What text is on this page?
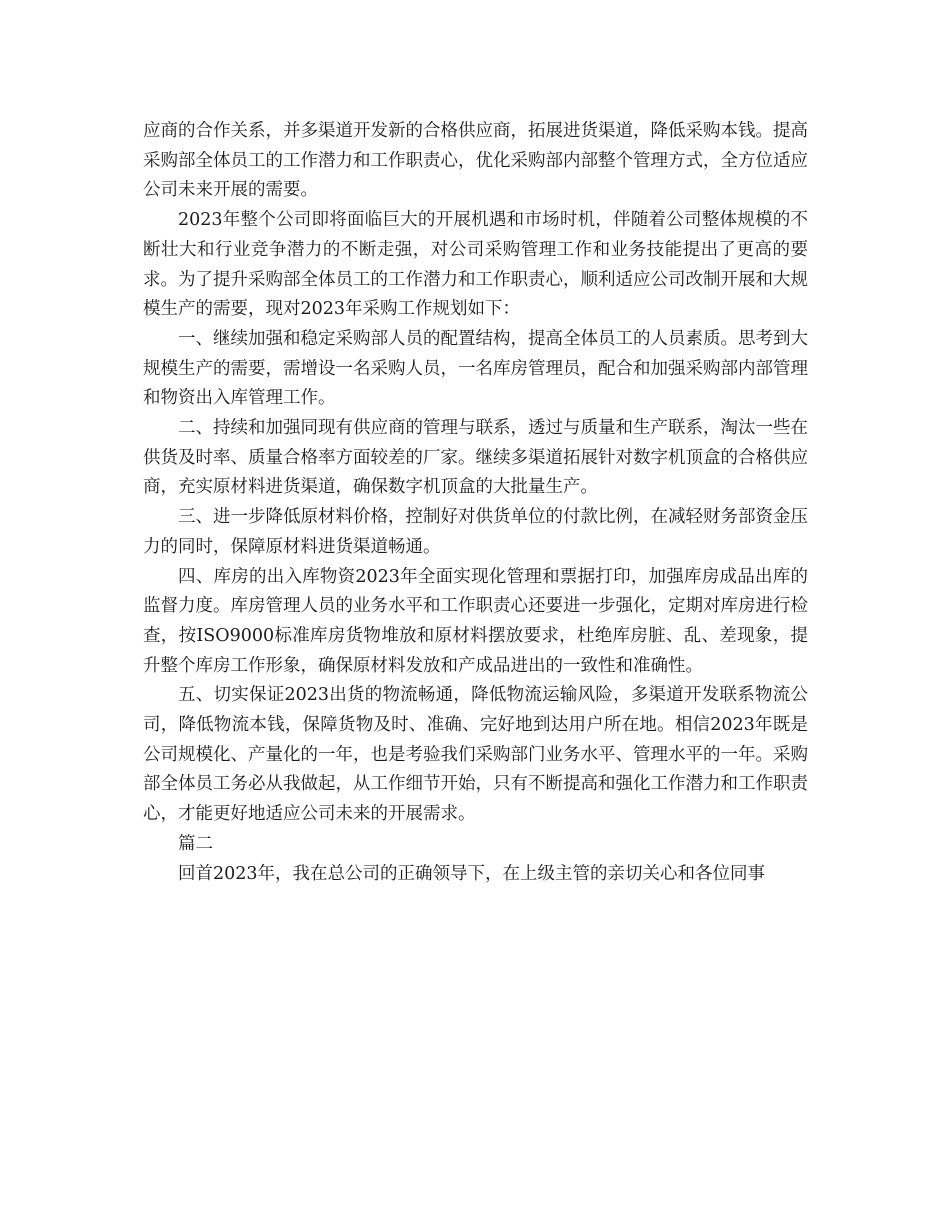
应商的合作关系，并多渠道开发新的合格供应商，拓展进货渠道，降低采购本钱。提高采购部全体员工的工作潜力和工作职责心，优化采购部内部整个管理方式，全方位适应公司未来开展的需要。

2023年整个公司即将面临巨大的开展机遇和市场时机，伴随着公司整体规模的不断壮大和行业竞争潜力的不断走强，对公司采购管理工作和业务技能提出了更高的要求。为了提升采购部全体员工的工作潜力和工作职责心，顺利适应公司改制开展和大规模生产的需要，现对2023年采购工作规划如下：

一、继续加强和稳定采购部人员的配置结构，提高全体员工的人员素质。思考到大规模生产的需要，需增设一名采购人员，一名库房管理员，配合和加强采购部内部管理和物资出入库管理工作。

二、持续和加强同现有供应商的管理与联系，透过与质量和生产联系，淘汰一些在供货及时率、质量合格率方面较差的厂家。继续多渠道拓展针对数字机顶盒的合格供应商，充实原材料进货渠道，确保数字机顶盒的大批量生产。

三、进一步降低原材料价格，控制好对供货单位的付款比例，在减轻财务部资金压力的同时，保障原材料进货渠道畅通。

四、库房的出入库物资2023年全面实现化管理和票据打印，加强库房成品出库的监督力度。库房管理人员的业务水平和工作职责心还要进一步强化，定期对库房进行检查，按ISO9000标准库房货物堆放和原材料摆放要求，杜绝库房脏、乱、差现象，提升整个库房工作形象，确保原材料发放和产成品进出的一致性和准确性。

五、切实保证2023出货的物流畅通，降低物流运输风险，多渠道开发联系物流公司，降低物流本钱，保障货物及时、准确、完好地到达用户所在地。相信2023年既是公司规模化、产量化的一年，也是考验我们采购部门业务水平、管理水平的一年。采购部全体员工务必从我做起，从工作细节开始，只有不断提高和强化工作潜力和工作职责心，才能更好地适应公司未来的开展需求。

篇二

回首2023年，我在总公司的正确领导下，在上级主管的亲切关心和各位同事
